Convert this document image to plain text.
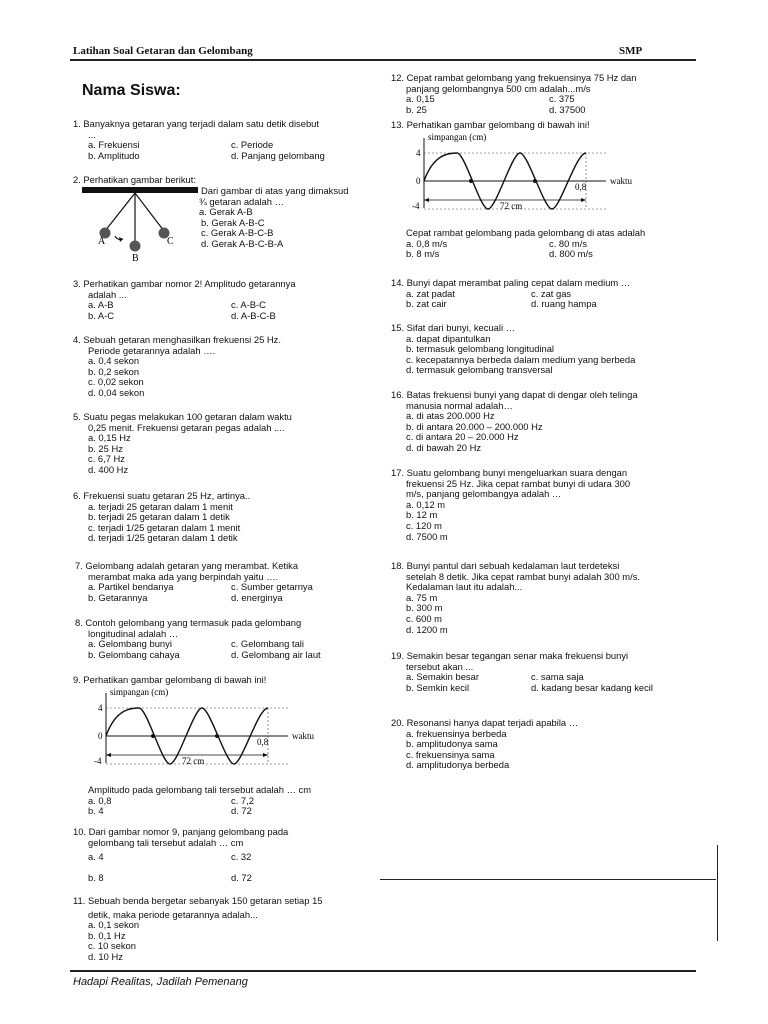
Latihan Soal Getaran dan Gelombang	SMP
Nama Siswa:
1. Banyaknya getaran yang terjadi dalam satu detik disebut
...
a. Frekuensi	c. Periode
b. Amplitudo	d. Panjang gelombang
2. Perhatikan gambar berikut:
A
B
C
Dari gambar di atas yang dimaksud
¾ getaran adalah …
a. Gerak A-B
b. Gerak A-B-C
c. Gerak A-B-C-B
d. Gerak A-B-C-B-A
3. Perhatikan gambar nomor 2! Amplitudo getarannya
adalah ...
a. A-B	c. A-B-C
b. A-C	d. A-B-C-B
4. Sebuah getaran menghasilkan frekuensi 25 Hz.
Periode getarannya adalah ….
a. 0,4 sekon
b. 0,2 sekon
c. 0,02 sekon
d. 0,04 sekon
5. Suatu pegas melakukan 100 getaran dalam waktu
0,25 menit. Frekuensi getaran pegas adalah ....
a. 0,15 Hz
b. 25 Hz
c. 6,7 Hz
d. 400 Hz
6. Frekuensi suatu getaran 25 Hz, artinya..
a. terjadi 25 getaran dalam 1 menit
b. terjadi 25 getaran dalam 1 detik
c. terjadi 1/25 getaran dalam 1 menit
d. terjadi 1/25 getaran dalam 1 detik
7. Gelombang adalah getaran yang merambat. Ketika
merambat maka ada yang berpindah yaitu ….
a. Partikel bendanya	c. Sumber getarnya
b. Getarannya	d. energinya
8. Contoh gelombang yang termasuk pada gelombang
longitudinal adalah …
a. Gelombang bunyi	c. Gelombang tali
b. Gelombang cahaya	d. Gelombang air laut
9. Perhatikan gambar gelombang di bawah ini!
simpangan (cm)
4
0
-4
0,8
waktu
72 cm
Amplitudo pada gelombang tali tersebut adalah … cm
a. 0,8	c. 7,2
b. 4	d. 72
10. Dari gambar nomor 9, panjang gelombang pada
gelombang tali tersebut adalah … cm
a. 4	c. 32
b. 8	d. 72
11. Sebuah benda bergetar sebanyak 150 getaran setiap 15
detik, maka periode getarannya adalah...
a. 0,1 sekon
b. 0,1 Hz
c. 10 sekon
d. 10 Hz
12. Cepat rambat gelombang yang frekuensinya 75 Hz dan
panjang gelombangnya 500 cm adalah...m/s
a. 0,15	c. 375
b. 25	d. 37500
13. Perhatikan gambar gelombang di bawah ini!
simpangan (cm)
4
0
-4
0,8
waktu
72 cm
Cepat rambat gelombang pada gelombang di atas adalah
a. 0,8 m/s	c. 80 m/s
b. 8 m/s	d. 800 m/s
14. Bunyi dapat merambat paling cepat dalam medium …
a. zat padat	c. zat gas
b. zat cair	d. ruang hampa
15. Sifat dari bunyi, kecuali …
a. dapat dipantulkan
b. termasuk gelombang longitudinal
c. kecepatannya berbeda dalam medium yang berbeda
d. termasuk gelombang transversal
16. Batas frekuensi bunyi yang dapat di dengar oleh telinga
manusia normal adalah…
a. di atas 200.000 Hz
b. di antara 20.000 – 200.000 Hz
c. di antara 20 – 20.000 Hz
d. di bawah 20 Hz
17. Suatu gelombang bunyi mengeluarkan suara dengan
frekuensi 25 Hz. Jika cepat rambat bunyi di udara 300
m/s, panjang gelombangya adalah …
a. 0,12 m
b. 12 m
c. 120 m
d. 7500 m
18. Bunyi pantul dari sebuah kedalaman laut terdeteksi
setelah 8 detik. Jika cepat rambat bunyi adalah 300 m/s.
Kedalaman laut itu adalah...
a. 75 m
b. 300 m
c. 600 m
d. 1200 m
19. Semakin besar tegangan senar maka frekuensi bunyi
tersebut akan ...
a. Semakin besar	c. sama saja
b. Semkin kecil	d. kadang besar kadang kecil
20. Resonansi hanya dapat terjadi apabila …
a. frekuensinya berbeda
b. amplitudonya sama
c. frekuensinya sama
d. amplitudonya berbeda
Hadapi Realitas, Jadilah Pemenang
